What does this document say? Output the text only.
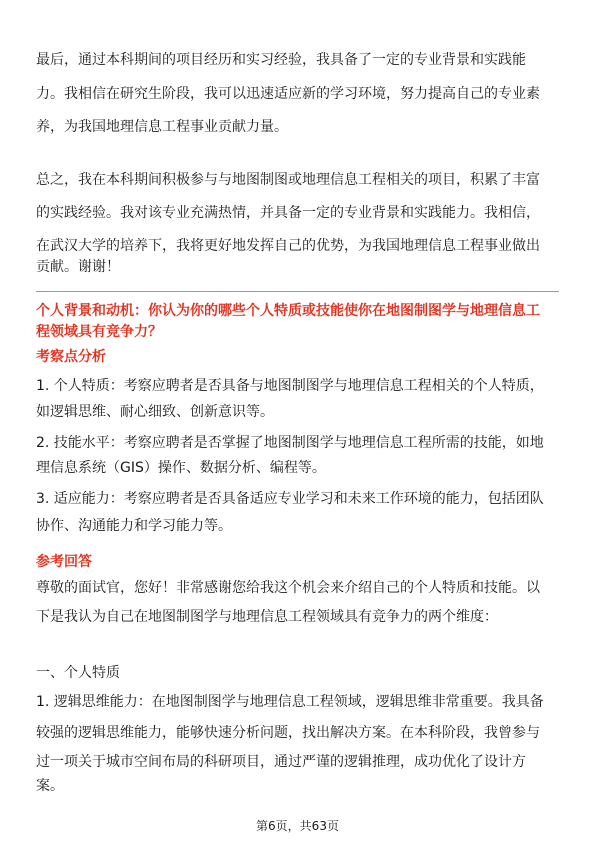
最后，通过本科期间的项目经历和实习经验，我具备了一定的专业背景和实践能
力。我相信在研究生阶段，我可以迅速适应新的学习环境，努力提高自己的专业素
养，为我国地理信息工程事业贡献力量。
总之，我在本科期间积极参与与地图制图或地理信息工程相关的项目，积累了丰富
的实践经验。我对该专业充满热情，并具备一定的专业背景和实践能力。我相信，
在武汉大学的培养下，我将更好地发挥自己的优势，为我国地理信息工程事业做出
贡献。谢谢！
个人背景和动机：你认为你的哪些个人特质或技能使你在地图制图学与地理信息工
程领域具有竞争力？
考察点分析
1. 个人特质：考察应聘者是否具备与地图制图学与地理信息工程相关的个人特质，
如逻辑思维、耐心细致、创新意识等。
2. 技能水平：考察应聘者是否掌握了地图制图学与地理信息工程所需的技能，如地
理信息系统（GIS）操作、数据分析、编程等。
3. 适应能力：考察应聘者是否具备适应专业学习和未来工作环境的能力，包括团队
协作、沟通能力和学习能力等。
参考回答
尊敬的面试官，您好！非常感谢您给我这个机会来介绍自己的个人特质和技能。以
下是我认为自己在地图制图学与地理信息工程领域具有竞争力的两个维度：
一、个人特质
1. 逻辑思维能力：在地图制图学与地理信息工程领域，逻辑思维非常重要。我具备
较强的逻辑思维能力，能够快速分析问题，找出解决方案。在本科阶段，我曾参与
过一项关于城市空间布局的科研项目，通过严谨的逻辑推理，成功优化了设计方
案。
第6页，共63页
